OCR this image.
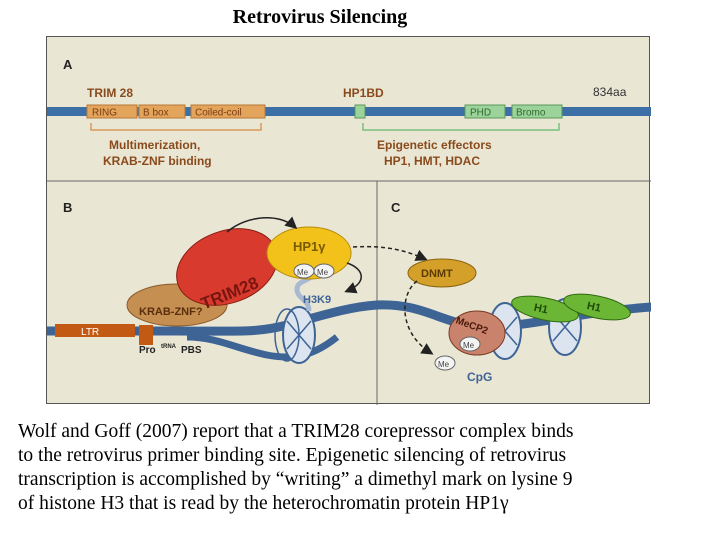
Retrovirus Silencing
A
TRIM 28	HP1BD	834aa
RING	B box	Coiled-coil	PHD Bromo
Multimerization,
KRAB-ZNF binding
Epigenetic effectors
HP1, HMT, HDAC
B
LTR
KRAB-ZNF?
TRIM28
HP1γ
Me Me
H3K9
Pro tRNA PBS
C
DNMT
H1	H1
MeCP2
Me
Me
CpG
Wolf and Goff (2007) report that a TRIM28 corepressor complex binds
to the retrovirus primer binding site. Epigenetic silencing of retrovirus
transcription is accomplished by “writing” a dimethyl mark on lysine 9
of histone H3 that is read by the heterochromatin protein HP1γ
